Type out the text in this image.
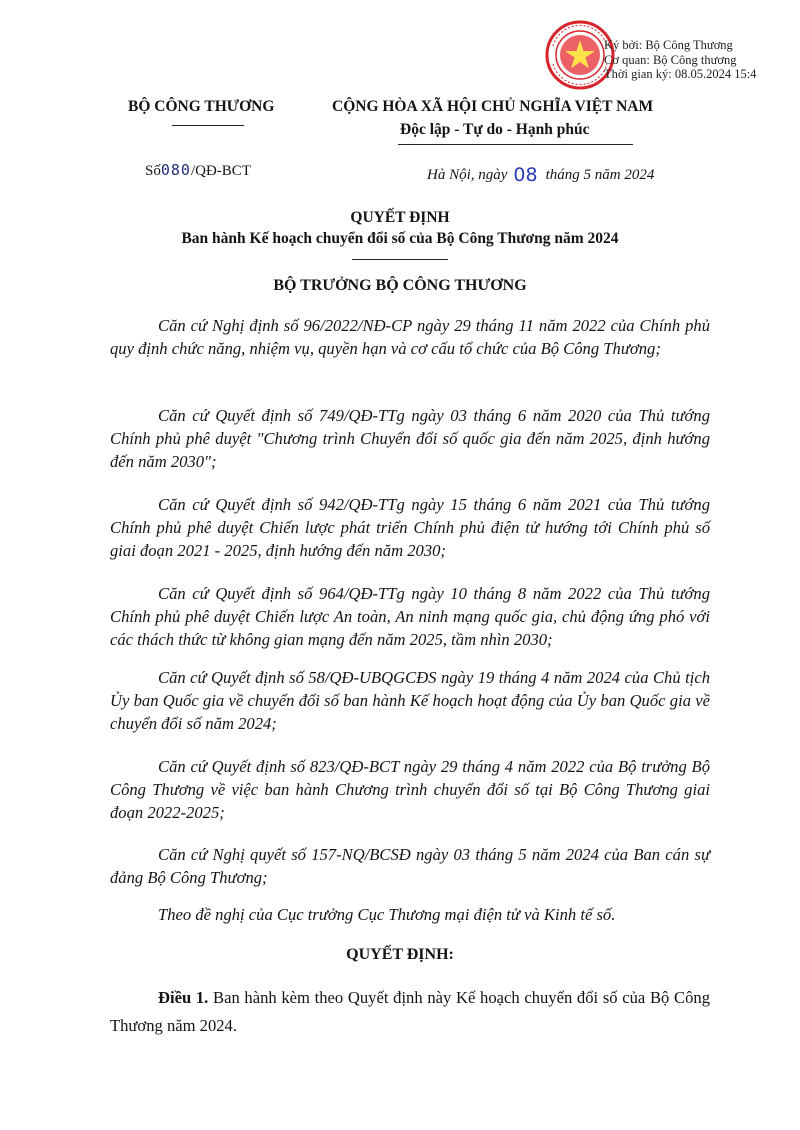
Ký bởi: Bộ Công Thương
Cơ quan: Bộ Công thương
Thời gian ký: 08.05.2024 15:4
BỘ CÔNG THƯƠNG	CỘNG HÒA XÃ HỘI CHỦ NGHĨA VIỆT NAM
Độc lập - Tự do - Hạnh phúc
Số080/QĐ-BCT	Hà Nội, ngày 08 tháng 5 năm 2024
QUYẾT ĐỊNH
Ban hành Kế hoạch chuyển đổi số của Bộ Công Thương năm 2024
BỘ TRƯỞNG BỘ CÔNG THƯƠNG
Căn cứ Nghị định số 96/2022/NĐ-CP ngày 29 tháng 11 năm 2022 của Chính phủ quy định chức năng, nhiệm vụ, quyền hạn và cơ cấu tổ chức của Bộ Công Thương;
Căn cứ Quyết định số 749/QĐ-TTg ngày 03 tháng 6 năm 2020 của Thủ tướng Chính phủ phê duyệt "Chương trình Chuyển đổi số quốc gia đến năm 2025, định hướng đến năm 2030";
Căn cứ Quyết định số 942/QĐ-TTg ngày 15 tháng 6 năm 2021 của Thủ tướng Chính phủ phê duyệt Chiến lược phát triển Chính phủ điện tử hướng tới Chính phủ số giai đoạn 2021 - 2025, định hướng đến năm 2030;
Căn cứ Quyết định số 964/QĐ-TTg ngày 10 tháng 8 năm 2022 của Thủ tướng Chính phủ phê duyệt Chiến lược An toàn, An ninh mạng quốc gia, chủ động ứng phó với các thách thức từ không gian mạng đến năm 2025, tầm nhìn 2030;
Căn cứ Quyết định số 58/QĐ-UBQGCĐS ngày 19 tháng 4 năm 2024 của Chủ tịch Ủy ban Quốc gia về chuyển đổi số ban hành Kế hoạch hoạt động của Ủy ban Quốc gia về chuyển đổi số năm 2024;
Căn cứ Quyết định số 823/QĐ-BCT ngày 29 tháng 4 năm 2022 của Bộ trưởng Bộ Công Thương về việc ban hành Chương trình chuyển đổi số tại Bộ Công Thương giai đoạn 2022-2025;
Căn cứ Nghị quyết số 157-NQ/BCSĐ ngày 03 tháng 5 năm 2024 của Ban cán sự đảng Bộ Công Thương;
Theo đề nghị của Cục trưởng Cục Thương mại điện tử và Kinh tế số.
QUYẾT ĐỊNH:
Điều 1. Ban hành kèm theo Quyết định này Kế hoạch chuyển đổi số của Bộ Công Thương năm 2024.
